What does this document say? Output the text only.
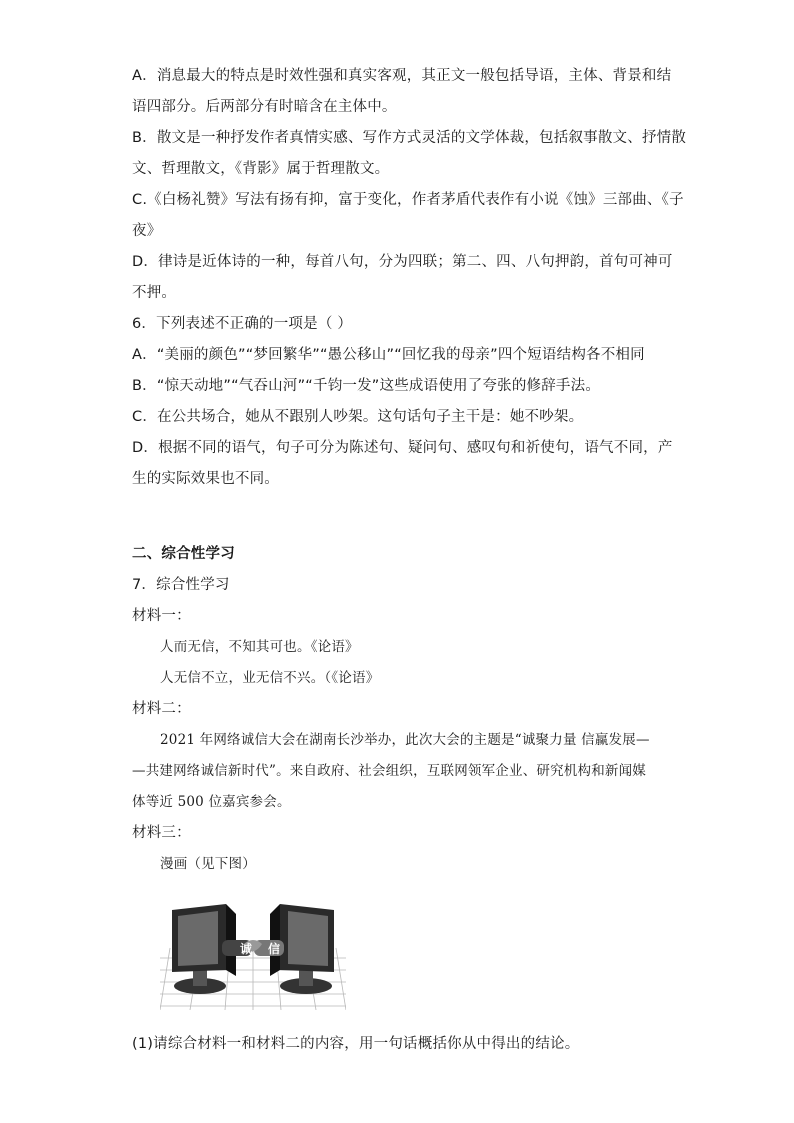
A．消息最大的特点是时效性强和真实客观，其正文一般包括导语，主体、背景和结
语四部分。后两部分有时暗含在主体中。
B．散文是一种抒发作者真情实感、写作方式灵活的文学体裁，包括叙事散文、抒情散
文、哲理散文，《背影》属于哲理散文。
C.《白杨礼赞》写法有扬有抑，富于变化，作者茅盾代表作有小说《蚀》三部曲、《子
夜》
D．律诗是近体诗的一种，每首八句，分为四联；第二、四、八句押韵，首句可神可
不押。
6．下列表述不正确的一项是（ ）
A．“美丽的颜色”“梦回繁华”“愚公移山”“回忆我的母亲”四个短语结构各不相同
B．“惊天动地”“气吞山河”“千钧一发”这些成语使用了夸张的修辞手法。
C．在公共场合，她从不跟别人吵架。这句话句子主干是：她不吵架。
D．根据不同的语气，句子可分为陈述句、疑问句、感叹句和祈使句，语气不同，产
生的实际效果也不同。
二、综合性学习
7．综合性学习
材料一：
人而无信，不知其可也。《论语》
人无信不立，业无信不兴。（《论语》
材料二：
2021 年网络诚信大会在湖南长沙举办，此次大会的主题是“诚聚力量 信赢发展—
—共建网络诚信新时代”。来自政府、社会组织，互联网领军企业、研究机构和新闻媒
体等近 500 位嘉宾参会。
材料三：
漫画（见下图）
诚 信
(1)请综合材料一和材料二的内容，用一句话概括你从中得出的结论。
